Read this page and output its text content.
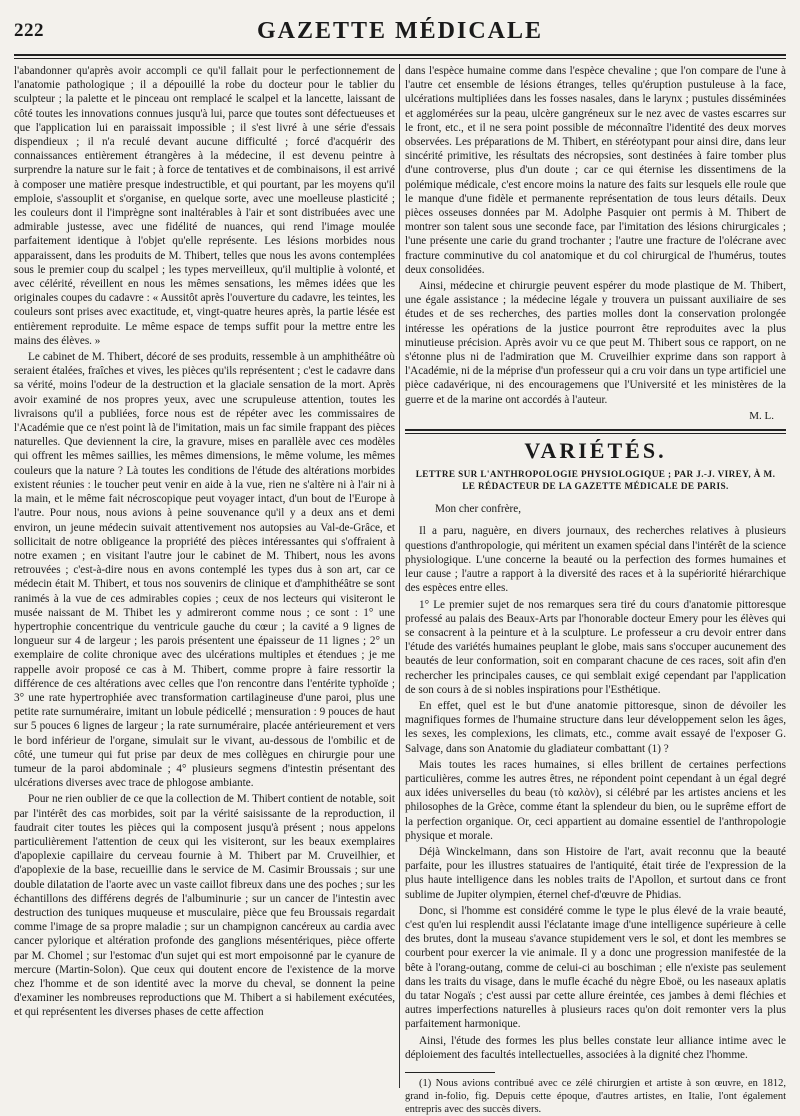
222	GAZETTE MÉDICALE

l'abandonner qu'après avoir accompli ce qu'il fallait pour le perfectionnement de l'anatomie pathologique ; il a dépouillé la robe du docteur pour le tablier du sculpteur ; la palette et le pinceau ont remplacé le scalpel et la lancette, laissant de côté toutes les innovations connues jusqu'à lui, parce que toutes sont défectueuses et que l'application lui en paraissait impossible ; il s'est livré à une série d'essais dispendieux ; il n'a reculé devant aucune difficulté ; forcé d'acquérir des connaissances entièrement étrangères à la médecine, il est devenu peintre à surprendre la nature sur le fait ; à force de tentatives et de combinaisons, il est arrivé à composer une matière presque indestructible, et qui pourtant, par les moyens qu'il emploie, s'assouplit et s'organise, en quelque sorte, avec une moelleuse plasticité ; les couleurs dont il l'imprègne sont inaltérables à l'air et sont distribuées avec une admirable justesse, avec une fidélité de nuances, qui rend l'image moulée parfaitement identique à l'objet qu'elle représente. Les lésions morbides nous apparaissent, dans les produits de M. Thibert, telles que nous les avons contemplées sous le premier coup du scalpel ; les types merveilleux, qu'il multiplie à volonté, et avec célérité, réveillent en nous les mêmes sensations, les mêmes idées que les originales coupes du cadavre : « Aussitôt après l'ouverture du cadavre, les teintes, les couleurs sont prises avec exactitude, et, vingt-quatre heures après, la partie lésée est entièrement reproduite. Le même espace de temps suffit pour la mettre entre les mains des élèves. »

Le cabinet de M. Thibert, décoré de ses produits, ressemble à un amphithéâtre où seraient étalées, fraîches et vives, les pièces qu'ils représentent ; c'est le cadavre dans sa vérité, moins l'odeur de la destruction et la glaciale sensation de la mort. Après avoir examiné de nos propres yeux, avec une scrupuleuse attention, toutes les livraisons qu'il a publiées, force nous est de répéter avec les commissaires de l'Académie que ce n'est point là de l'imitation, mais un fac simile frappant des pièces naturelles. Que deviennent la cire, la gravure, mises en parallèle avec ces modèles qui offrent les mêmes saillies, les mêmes dimensions, le même volume, les mêmes couleurs que la nature ? Là toutes les conditions de l'étude des altérations morbides existent réunies : le toucher peut venir en aide à la vue, rien ne s'altère ni à l'air ni à la main, et le même fait nécroscopique peut voyager intact, d'un bout de l'Europe à l'autre. Pour nous, nous avions à peine souvenance qu'il y a deux ans et demi environ, un jeune médecin suivait attentivement nos autopsies au Val-de-Grâce, et sollicitait de notre obligeance la propriété des pièces intéressantes qui s'offraient à notre examen ; en visitant l'autre jour le cabinet de M. Thibert, nous les avons retrouvées ; c'est-à-dire nous en avons contemplé les types dus à son art, car ce médecin était M. Thibert, et tous nos souvenirs de clinique et d'amphithéâtre se sont ranimés à la vue de ces admirables copies ; ceux de nos lecteurs qui visiteront le musée naissant de M. Thibet les y admireront comme nous ; ce sont : 1° une hypertrophie concentrique du ventricule gauche du cœur ; la cavité a 9 lignes de longueur sur 4 de largeur ; les parois présentent une épaisseur de 11 lignes ; 2° un exemplaire de colite chronique avec des ulcérations multiples et étendues ; je me rappelle avoir proposé ce cas à M. Thibert, comme propre à faire ressortir la différence de ces altérations avec celles que l'on rencontre dans l'entérite typhoïde ; 3° une rate hypertrophiée avec transformation cartilagineuse d'une paroi, plus une petite rate surnuméraire, imitant un lobule pédicellé ; mensuration : 9 pouces de haut sur 5 pouces 6 lignes de largeur ; la rate surnuméraire, placée antérieurement et vers le bord inférieur de l'organe, simulait sur le vivant, au-dessous de l'ombilic et de côté, une tumeur qui fut prise par deux de mes collègues en chirurgie pour une tumeur de la paroi abdominale ; 4° plusieurs segmens d'intestin présentant des ulcérations diverses avec trace de phlogose ambiante.

Pour ne rien oublier de ce que la collection de M. Thibert contient de notable, soit par l'intérêt des cas morbides, soit par la vérité saisissante de la reproduction, il faudrait citer toutes les pièces qui la composent jusqu'à présent ; nous appelons particulièrement l'attention de ceux qui les visiteront, sur les beaux exemplaires d'apoplexie capillaire du cerveau fournie à M. Thibert par M. Cruveilhier, et d'apoplexie de la base, recueillie dans le service de M. Casimir Broussais ; sur une double dilatation de l'aorte avec un vaste caillot fibreux dans une des poches ; sur les échantillons des différens degrés de l'albuminurie ; sur un cancer de l'intestin avec destruction des tuniques muqueuse et musculaire, pièce que feu Broussais regardait comme l'image de sa propre maladie ; sur un champignon cancéreux au cardia avec cancer pylorique et altération profonde des ganglions mésentériques, pièce offerte par M. Chomel ; sur l'estomac d'un sujet qui est mort empoisonné par le cyanure de mercure (Martin-Solon). Que ceux qui doutent encore de l'existence de la morve chez l'homme et de son identité avec la morve du cheval, se donnent la peine d'examiner les nombreuses reproductions que M. Thibert a si habilement exécutées, et qui représentent les diverses phases de cette affection

dans l'espèce humaine comme dans l'espèce chevaline ; que l'on compare de l'une à l'autre cet ensemble de lésions étranges, telles qu'éruption pustuleuse à la face, ulcérations multipliées dans les fosses nasales, dans le larynx ; pustules disséminées et agglomérées sur la peau, ulcère gangréneux sur le nez avec de vastes escarres sur le front, etc., et il ne sera point possible de méconnaître l'identité des deux morves observées. Les préparations de M. Thibert, en stéréotypant pour ainsi dire, dans leur sincérité primitive, les résultats des nécropsies, sont destinées à faire tomber plus d'une controverse, plus d'un doute ; car ce qui éternise les dissentimens de la polémique médicale, c'est encore moins la nature des faits sur lesquels elle roule que le manque d'une fidèle et permanente représentation de tous leurs détails. Deux pièces osseuses données par M. Adolphe Pasquier ont permis à M. Thibert de montrer son talent sous une seconde face, par l'imitation des lésions chirurgicales ; l'une présente une carie du grand trochanter ; l'autre une fracture de l'olécrane avec fracture comminutive du col anatomique et du col chirurgical de l'humérus, toutes deux consolidées.

Ainsi, médecine et chirurgie peuvent espérer du mode plastique de M. Thibert, une égale assistance ; la médecine légale y trouvera un puissant auxiliaire de ses études et de ses recherches, des parties molles dont la conservation prolongée intéresse les opérations de la justice pourront être reproduites avec la plus minutieuse précision. Après avoir vu ce que peut M. Thibert sous ce rapport, on ne s'étonne plus ni de l'admiration que M. Cruveilhier exprime dans son rapport à l'Académie, ni de la méprise d'un professeur qui a cru voir dans un type artificiel une pièce cadavérique, ni des encouragemens que l'Université et les ministères de la guerre et de la marine ont accordés à l'auteur.

M. L.
VARIÉTÉS.
LETTRE SUR L'ANTHROPOLOGIE PHYSIOLOGIQUE ; PAR J.-J. VIREY, À M. LE RÉDACTEUR DE LA GAZETTE MÉDICALE DE PARIS.
Mon cher confrère,

Il a paru, naguère, en divers journaux, des recherches relatives à plusieurs questions d'anthropologie, qui méritent un examen spécial dans l'intérêt de la science physiologique. L'une concerne la beauté ou la perfection des formes humaines et leur cause ; l'autre a rapport à la diversité des races et à la supériorité hiérarchique des espèces entre elles.

1° Le premier sujet de nos remarques sera tiré du cours d'anatomie pittoresque professé au palais des Beaux-Arts par l'honorable docteur Emery pour les élèves qui se consacrent à la peinture et à la sculpture. Le professeur a cru devoir entrer dans l'étude des variétés humaines peuplant le globe, mais sans s'occuper aucunement des beautés de leur conformation, soit en comparant chacune de ces races, soit afin d'en rechercher les principales causes, ce qui semblait exigé cependant par l'application de son cours à de si nobles inspirations pour l'Esthétique.

En effet, quel est le but d'une anatomie pittoresque, sinon de dévoiler les magnifiques formes de l'humaine structure dans leur développement selon les âges, les sexes, les complexions, les climats, etc., comme avait essayé de l'exposer G. Salvage, dans son Anatomie du gladiateur combattant (1) ?

Mais toutes les races humaines, si elles brillent de certaines perfections particulières, comme les autres êtres, ne répondent point cependant à un égal degré aux idées universelles du beau (τὸ καλὸν), si célébré par les artistes anciens et les philosophes de la Grèce, comme étant la splendeur du bien, ou le suprême effort de la perfection organique. Or, ceci appartient au domaine essentiel de l'anthropologie physique et morale.

Déjà Winckelmann, dans son Histoire de l'art, avait reconnu que la beauté parfaite, pour les illustres statuaires de l'antiquité, était tirée de l'expression de la plus haute intelligence dans les nobles traits de l'Apollon, et surtout dans ce front sublime de Jupiter olympien, éternel chef-d'œuvre de Phidias.

Donc, si l'homme est considéré comme le type le plus élevé de la vraie beauté, c'est qu'en lui resplendit aussi l'éclatante image d'une intelligence supérieure à celle des brutes, dont la museau s'avance stupidement vers le sol, et dont les membres se courbent pour exercer la vie animale. Il y a donc une progression manifestée de la bête à l'orang-outang, comme de celui-ci au boschiman ; elle n'existe pas seulement dans les traits du visage, dans le mufle écaché du nègre Eboë, ou les naseaux aplatis du tatar Nogaïs ; c'est aussi par cette allure éreintée, ces jambes à demi fléchies et autres imperfections naturelles à plusieurs races qu'on doit remonter vers la plus parfaitement harmonique.

Ainsi, l'étude des formes les plus belles constate leur alliance intime avec le déploiement des facultés intellectuelles, associées à la dignité chez l'homme.

(1) Nous avions contribué avec ce zélé chirurgien et artiste à son œuvre, en 1812, grand in-folio, fig. Depuis cette époque, d'autres artistes, en Italie, l'ont également entrepris avec des succès divers.
